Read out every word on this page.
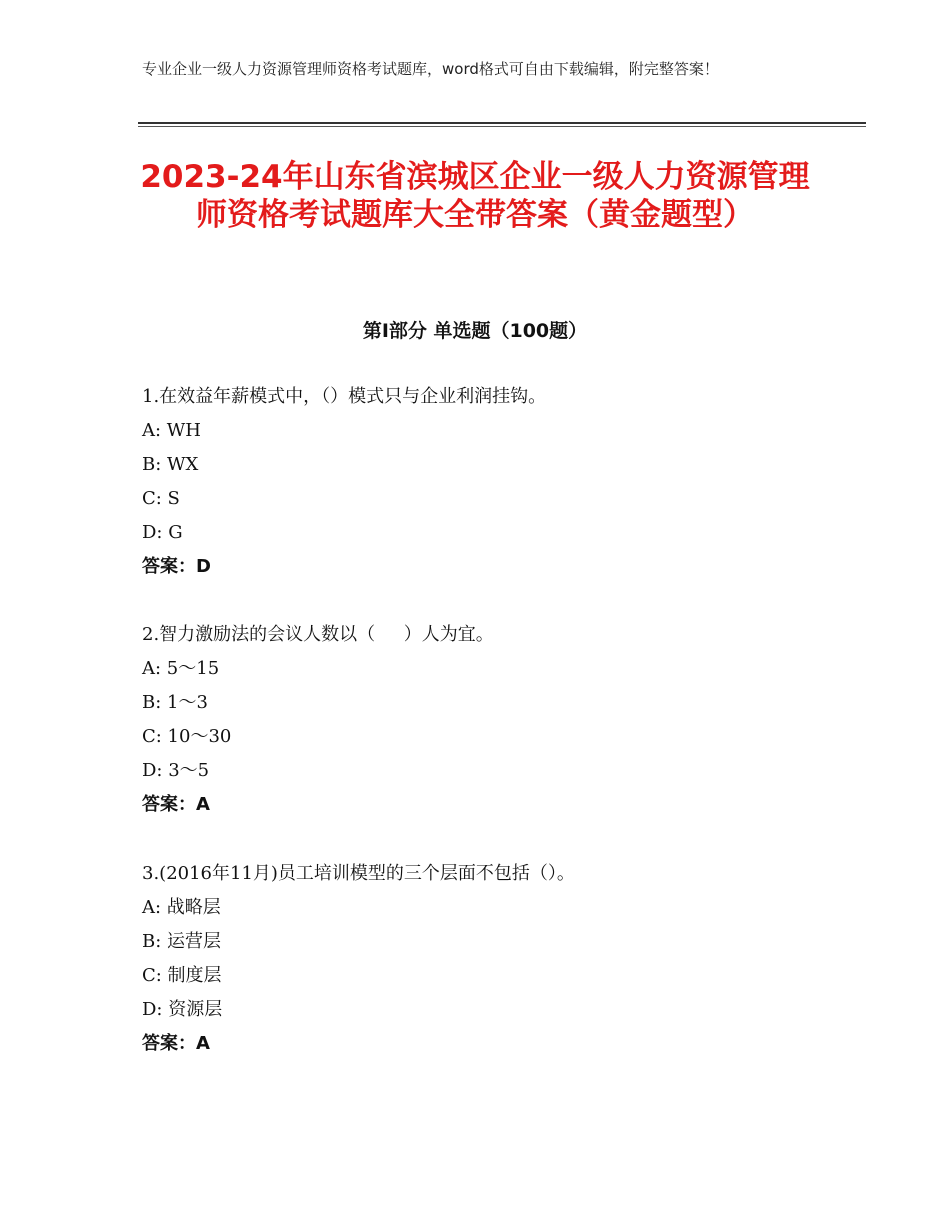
专业企业一级人力资源管理师资格考试题库，word格式可自由下载编辑，附完整答案！
2023-24年山东省滨城区企业一级人力资源管理师资格考试题库大全带答案（黄金题型）
第Ⅰ部分 单选题（100题）
1.在效益年薪模式中，（）模式只与企业利润挂钩。
A: WH
B: WX
C: S
D: G
答案：D
2.智力激励法的会议人数以（     ）人为宜。
A: 5～15
B: 1～3
C: 10～30
D: 3～5
答案：A
3.(2016年11月)员工培训模型的三个层面不包括（）。
A: 战略层
B: 运营层
C: 制度层
D: 资源层
答案：A
